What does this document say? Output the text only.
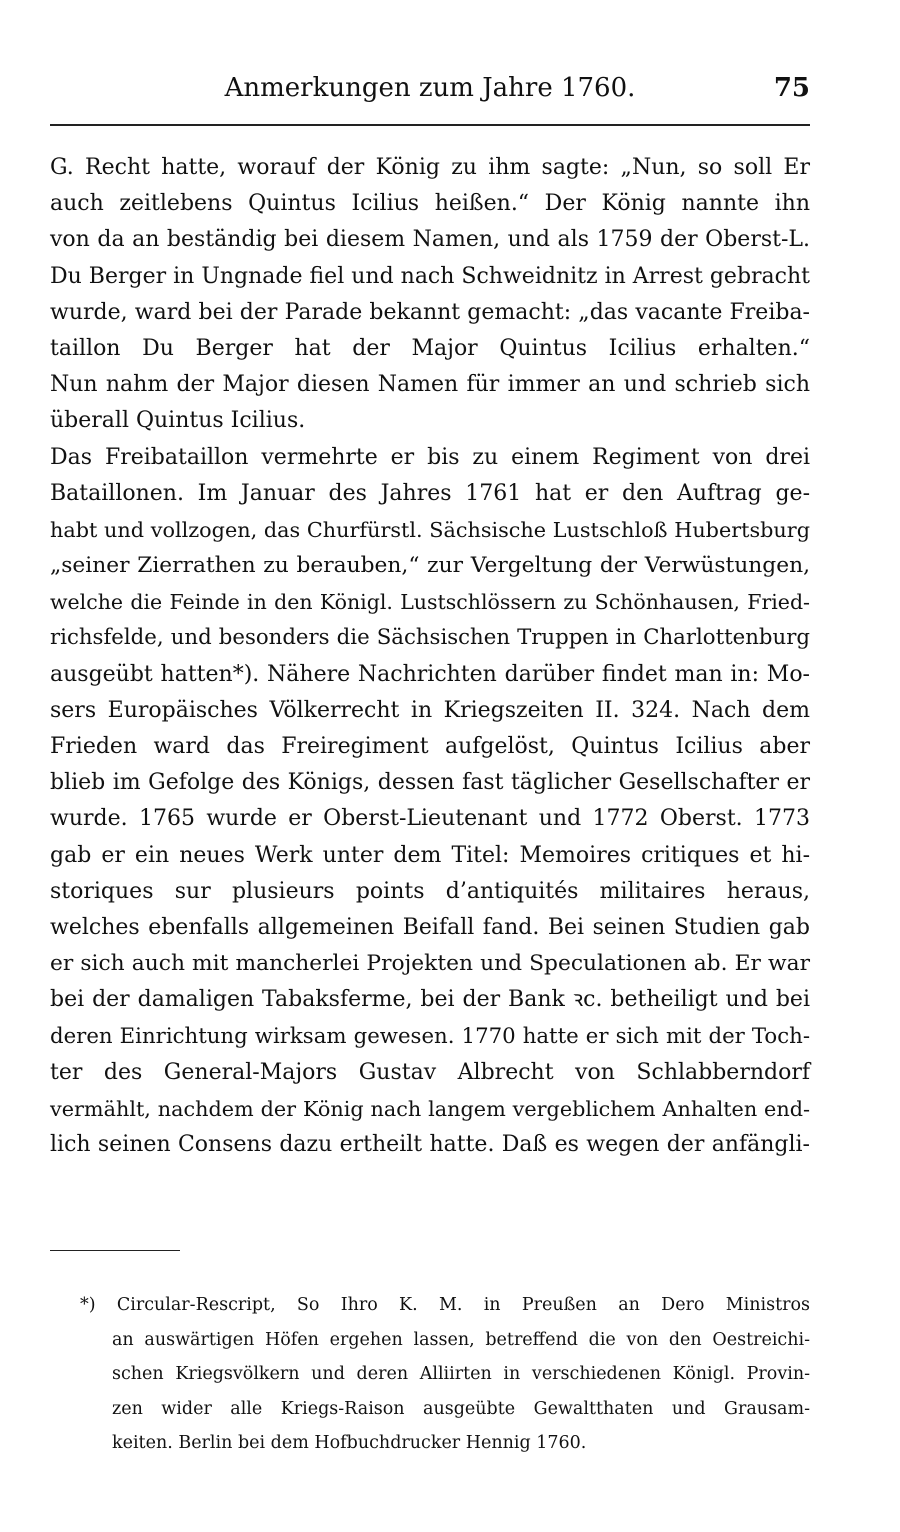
Anmerkungen zum Jahre 1760.	75
G. Recht hatte, worauf der König zu ihm sagte: „Nun, so soll Er
auch zeitlebens Quintus Icilius heißen.“ Der König nannte ihn
von da an beständig bei diesem Namen, und als 1759 der Oberst-L.
Du Berger in Ungnade fiel und nach Schweidnitz in Arrest gebracht
wurde, ward bei der Parade bekannt gemacht: „das vacante Freiba-
taillon Du Berger hat der Major Quintus Icilius erhalten.“
Nun nahm der Major diesen Namen für immer an und schrieb sich
überall Quintus Icilius.
Das Freibataillon vermehrte er bis zu einem Regiment von drei
Bataillonen. Im Januar des Jahres 1761 hat er den Auftrag ge-
habt und vollzogen, das Churfürstl. Sächsische Lustschloß Hubertsburg
„seiner Zierrathen zu berauben,“ zur Vergeltung der Verwüstungen,
welche die Feinde in den Königl. Lustschlössern zu Schönhausen, Fried-
richsfelde, und besonders die Sächsischen Truppen in Charlottenburg
ausgeübt hatten*). Nähere Nachrichten darüber findet man in: Mo-
sers Europäisches Völkerrecht in Kriegszeiten II. 324. Nach dem
Frieden ward das Freiregiment aufgelöst, Quintus Icilius aber
blieb im Gefolge des Königs, dessen fast täglicher Gesellschafter er
wurde. 1765 wurde er Oberst-Lieutenant und 1772 Oberst. 1773
gab er ein neues Werk unter dem Titel: Memoires critiques et hi-
storiques sur plusieurs points d’antiquités militaires heraus,
welches ebenfalls allgemeinen Beifall fand. Bei seinen Studien gab
er sich auch mit mancherlei Projekten und Speculationen ab. Er war
bei der damaligen Tabaksferme, bei der Bank ꝛc. betheiligt und bei
deren Einrichtung wirksam gewesen. 1770 hatte er sich mit der Toch-
ter des General-Majors Gustav Albrecht von Schlabberndorf
vermählt, nachdem der König nach langem vergeblichem Anhalten end-
lich seinen Consens dazu ertheilt hatte. Daß es wegen der anfängli-
*) Circular-Rescript, So Ihro K. M. in Preußen an Dero Ministros
an auswärtigen Höfen ergehen lassen, betreffend die von den Oestreichi-
schen Kriegsvölkern und deren Alliirten in verschiedenen Königl. Provin-
zen wider alle Kriegs-Raison ausgeübte Gewaltthaten und Grausam-
keiten. Berlin bei dem Hofbuchdrucker Hennig 1760.
